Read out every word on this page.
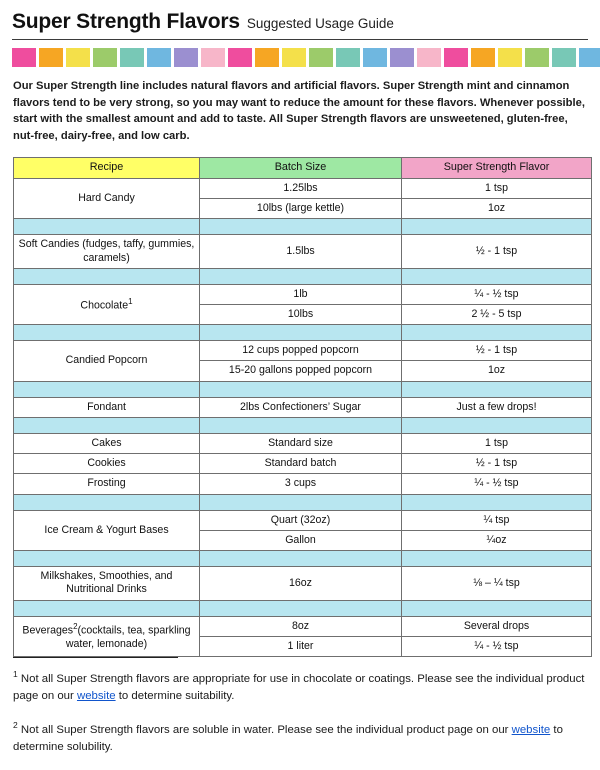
Super Strength Flavors Suggested Usage Guide

Our Super Strength line includes natural flavors and artificial flavors. Super Strength mint and cinnamon flavors tend to be very strong, so you may want to reduce the amount for these flavors. Whenever possible, start with the smallest amount and add to taste. All Super Strength flavors are unsweetened, gluten-free, nut-free, dairy-free, and low carb.

Recipe	Batch Size	Super Strength Flavor
Hard Candy	1.25lbs	1 tsp
	10lbs (large kettle)	1oz

Soft Candies (fudges, taffy, gummies, caramels)	1.5lbs	½ - 1 tsp

Chocolate$^1$	1lb	¼ - ½ tsp
	10lbs	2 ½ - 5 tsp

Candied Popcorn	12 cups popped popcorn	½ - 1 tsp
	15-20 gallons popped popcorn	1oz

Fondant	2lbs Confectioners’ Sugar	Just a few drops!

Cakes	Standard size	1 tsp
Cookies	Standard batch	½ - 1 tsp
Frosting	3 cups	¼ - ½ tsp

Ice Cream & Yogurt Bases	Quart (32oz)	¼ tsp
	Gallon	¼oz

Milkshakes, Smoothies, and Nutritional Drinks	16oz	⅛ – ¼ tsp

Beverages$^2$(cocktails, tea, sparkling water, lemonade)	8oz	Several drops
	1 liter	¼ - ½ tsp
$^1$ Not all Super Strength flavors are appropriate for use in chocolate or coatings. Please see the individual product page on our website to determine suitability.
$^2$ Not all Super Strength flavors are soluble in water. Please see the individual product page on our website to determine solubility.
